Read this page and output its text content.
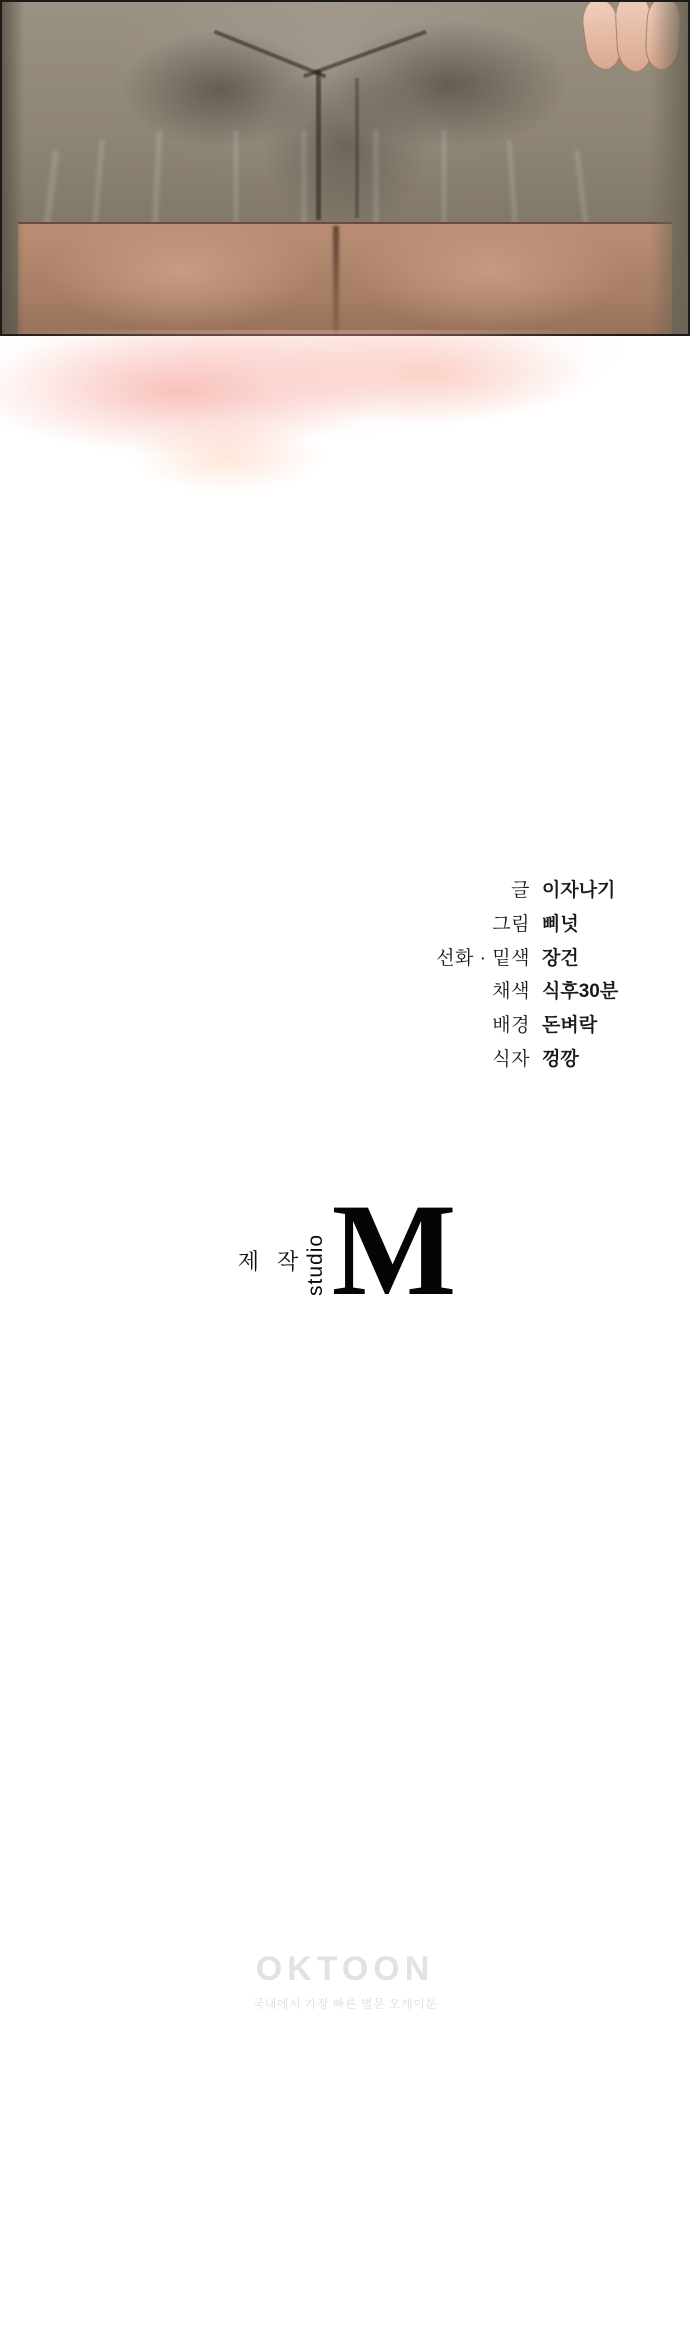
글 이자나기
그림 삐넛
선화 · 밑색 장건
채색 식후30분
배경 돈벼락
식자 껑깡
제 작 M
studio
OKTOON
국내에서 가장 빠른 별문 오케이툰
